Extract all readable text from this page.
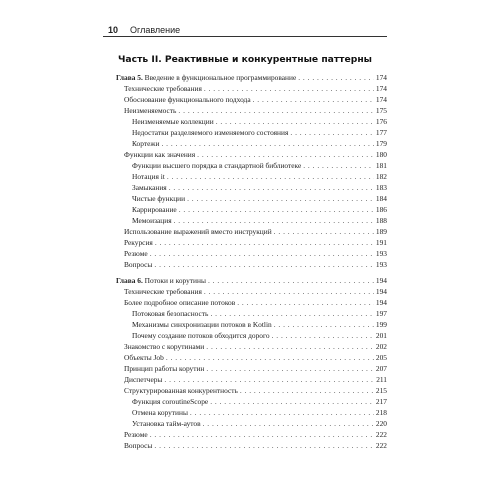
10 Оглавление
Часть II. Реактивные и конкурентные паттерны
Глава 5. Введение в функциональное программирование . . .	174
Технические требования . . .	174
Обоснование функционального подхода . . .	174
Неизменяемость . . .	175
Неизменяемые коллекции . . .	176
Недостатки разделяемого изменяемого состояния . . .	177
Кортежи . . .	179
Функции как значения . . .	180
Функции высшего порядка в стандартной библиотеке . . .	181
Нотация it . . .	182
Замыкания . . .	183
Чистые функции . . .	184
Каррирование . . .	186
Мемоизация . . .	188
Использование выражений вместо инструкций . . .	189
Рекурсия . . .	191
Резюме . . .	193
Вопросы . . .	193
Глава 6. Потоки и корутины . . .	194
Технические требования . . .	194
Более подробное описание потоков . . .	194
Потоковая безопасность . . .	197
Механизмы синхронизации потоков в Kotlin . . .	199
Почему создание потоков обходится дорого . . .	201
Знакомство с корутинами . . .	202
Объекты Job . . .	205
Принцип работы корутин . . .	207
Диспетчеры . . .	211
Структурированная конкурентность . . .	215
Функция coroutineScope . . .	217
Отмена корутины . . .	218
Установка тайм-аутов . . .	220
Резюме . . .	222
Вопросы . . .	222
